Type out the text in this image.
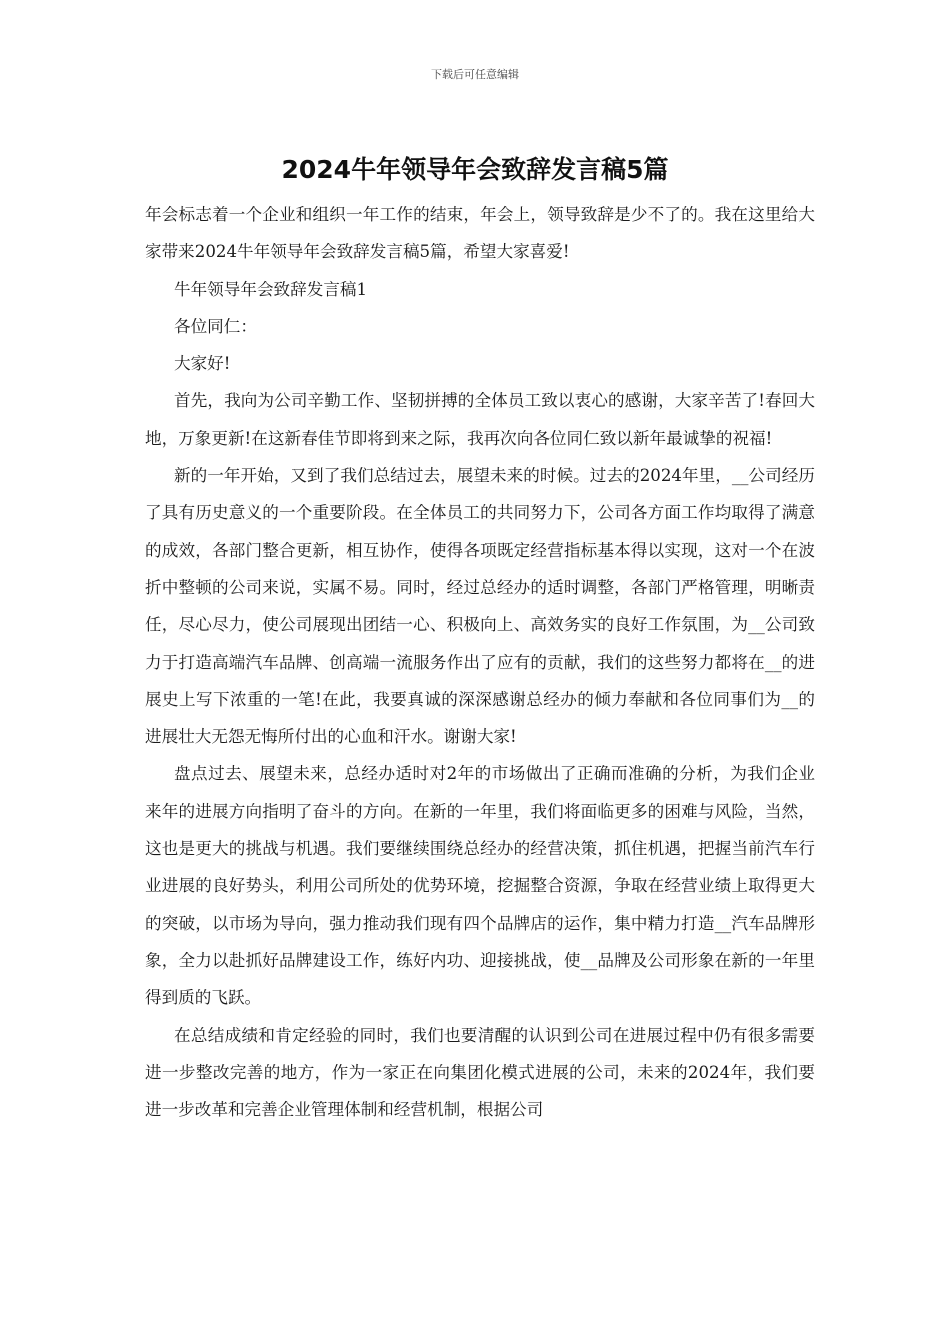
下载后可任意编辑
2024牛年领导年会致辞发言稿5篇

年会标志着一个企业和组织一年工作的结束，年会上，领导致辞是少不了的。我在这里给大家带来2024牛年领导年会致辞发言稿5篇，希望大家喜爱!

牛年领导年会致辞发言稿1

各位同仁：

大家好!

首先，我向为公司辛勤工作、坚韧拼搏的全体员工致以衷心的感谢，大家辛苦了!春回大地，万象更新!在这新春佳节即将到来之际，我再次向各位同仁致以新年最诚挚的祝福!

新的一年开始，又到了我们总结过去，展望未来的时候。过去的2024年里，__公司经历了具有历史意义的一个重要阶段。在全体员工的共同努力下，公司各方面工作均取得了满意的成效，各部门整合更新，相互协作，使得各项既定经营指标基本得以实现，这对一个在波折中整顿的公司来说，实属不易。同时，经过总经办的适时调整，各部门严格管理，明晰责任，尽心尽力，使公司展现出团结一心、积极向上、高效务实的良好工作氛围，为__公司致力于打造高端汽车品牌、创高端一流服务作出了应有的贡献，我们的这些努力都将在__的进展史上写下浓重的一笔!在此，我要真诚的深深感谢总经办的倾力奉献和各位同事们为__的进展壮大无怨无悔所付出的心血和汗水。谢谢大家!

盘点过去、展望未来，总经办适时对2年的市场做出了正确而准确的分析，为我们企业来年的进展方向指明了奋斗的方向。在新的一年里，我们将面临更多的困难与风险，当然，这也是更大的挑战与机遇。我们要继续围绕总经办的经营决策，抓住机遇，把握当前汽车行业进展的良好势头，利用公司所处的优势环境，挖掘整合资源，争取在经营业绩上取得更大的突破，以市场为导向，强力推动我们现有四个品牌店的运作，集中精力打造__汽车品牌形象，全力以赴抓好品牌建设工作，练好内功、迎接挑战，使__品牌及公司形象在新的一年里得到质的飞跃。

在总结成绩和肯定经验的同时，我们也要清醒的认识到公司在进展过程中仍有很多需要进一步整改完善的地方，作为一家正在向集团化模式进展的公司，未来的2024年，我们要进一步改革和完善企业管理体制和经营机制，根据公司
